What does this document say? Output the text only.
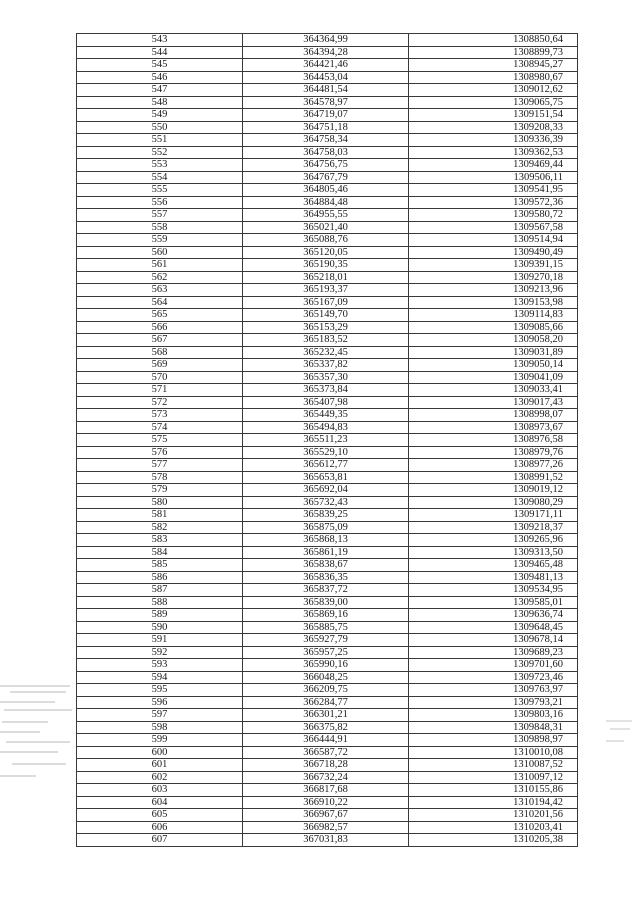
543	364364,99	1308850,64
544	364394,28	1308899,73
545	364421,46	1308945,27
546	364453,04	1308980,67
547	364481,54	1309012,62
548	364578,97	1309065,75
549	364719,07	1309151,54
550	364751,18	1309208,33
551	364758,34	1309336,39
552	364758,03	1309362,53
553	364756,75	1309469,44
554	364767,79	1309506,11
555	364805,46	1309541,95
556	364884,48	1309572,36
557	364955,55	1309580,72
558	365021,40	1309567,58
559	365088,76	1309514,94
560	365120,05	1309490,49
561	365190,35	1309391,15
562	365218,01	1309270,18
563	365193,37	1309213,96
564	365167,09	1309153,98
565	365149,70	1309114,83
566	365153,29	1309085,66
567	365183,52	1309058,20
568	365232,45	1309031,89
569	365337,82	1309050,14
570	365357,30	1309041,09
571	365373,84	1309033,41
572	365407,98	1309017,43
573	365449,35	1308998,07
574	365494,83	1308973,67
575	365511,23	1308976,58
576	365529,10	1308979,76
577	365612,77	1308977,26
578	365653,81	1308991,52
579	365692,04	1309019,12
580	365732,43	1309080,29
581	365839,25	1309171,11
582	365875,09	1309218,37
583	365868,13	1309265,96
584	365861,19	1309313,50
585	365838,67	1309465,48
586	365836,35	1309481,13
587	365837,72	1309534,95
588	365839,00	1309585,01
589	365869,16	1309636,74
590	365885,75	1309648,45
591	365927,79	1309678,14
592	365957,25	1309689,23
593	365990,16	1309701,60
594	366048,25	1309723,46
595	366209,75	1309763,97
596	366284,77	1309793,21
597	366301,21	1309803,16
598	366375,82	1309848,31
599	366444,91	1309898,97
600	366587,72	1310010,08
601	366718,28	1310087,52
602	366732,24	1310097,12
603	366817,68	1310155,86
604	366910,22	1310194,42
605	366967,67	1310201,56
606	366982,57	1310203,41
607	367031,83	1310205,38
